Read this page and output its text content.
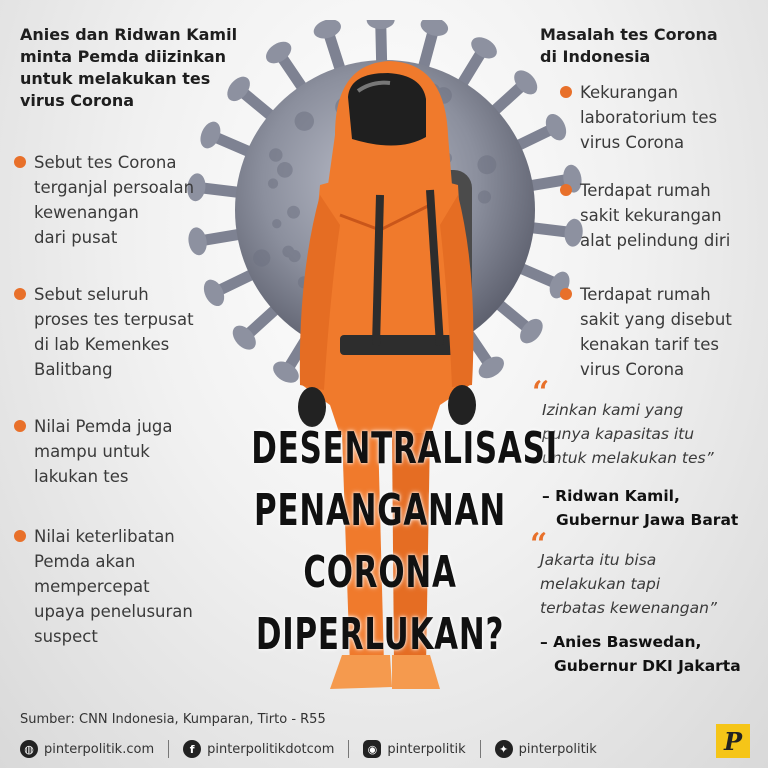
Anies dan Ridwan Kamil
minta Pemda diizinkan
untuk melakukan tes
virus Corona
Sebut tes Corona
terganjal persoalan
kewenangan
dari pusat
Sebut seluruh
proses tes terpusat
di lab Kemenkes
Balitbang
Nilai Pemda juga
mampu untuk
lakukan tes
Nilai keterlibatan
Pemda akan
mempercepat
upaya penelusuran
suspect
Masalah tes Corona
di Indonesia
Kekurangan
laboratorium tes
virus Corona
Terdapat rumah
sakit kekurangan
alat pelindung diri
Terdapat rumah
sakit yang disebut
kenakan tarif tes
virus Corona
“
Izinkan kami yang
punya kapasitas itu
untuk melakukan tes”
– Ridwan Kamil,
Gubernur Jawa Barat
“
Jakarta itu bisa
melakukan tapi
terbatas kewenangan”
– Anies Baswedan,
Gubernur DKI Jakarta
DESENTRALISASI
PENANGANAN
CORONA
DIPERLUKAN?
Sumber: CNN Indonesia, Kumparan, Tirto - R55
◍ pinterpolitik.com	f pinterpolitikdotcom	◉ pinterpolitik	✦ pinterpolitik	P
